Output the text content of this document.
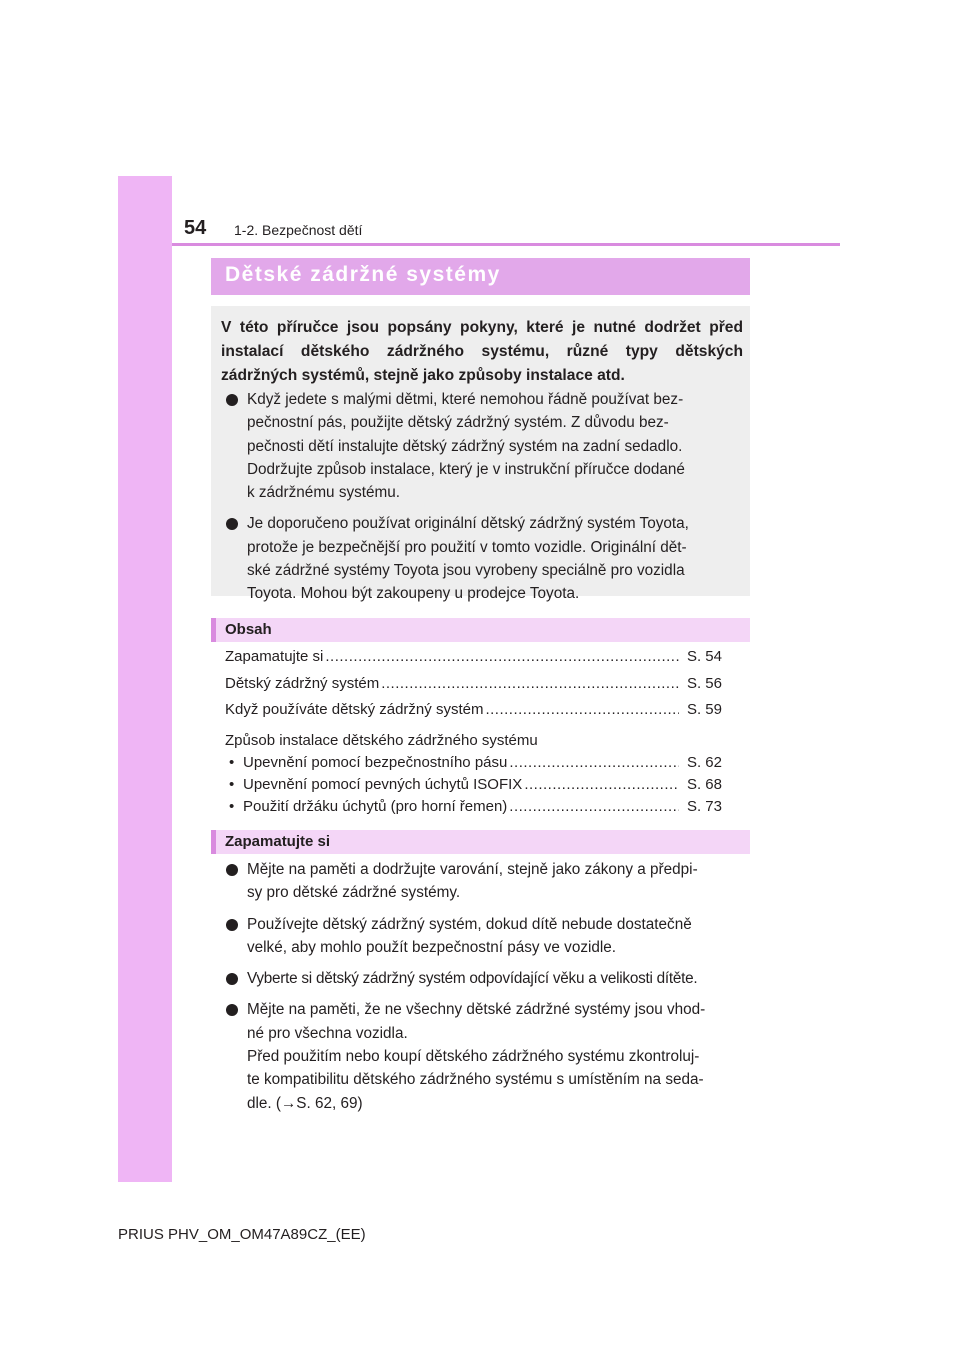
54 1-2. Bezpečnost dětí
Dětské zádržné systémy
V této příručce jsou popsány pokyny, které je nutné dodržet před instalací dětského zádržného systému, různé typy dětských zádržných systémů, stejně jako způsoby instalace atd.
Když jedete s malými dětmi, které nemohou řádně používat bez-
pečnostní pás, použijte dětský zádržný systém. Z důvodu bez-
pečnosti dětí instalujte dětský zádržný systém na zadní sedadlo.
Dodržujte způsob instalace, který je v instrukční příručce dodané
k zádržnému systému.
Je doporučeno používat originální dětský zádržný systém Toyota,
protože je bezpečnější pro použití v tomto vozidle. Originální dět-
ské zádržné systémy Toyota jsou vyrobeny speciálně pro vozidla
Toyota. Mohou být zakoupeny u prodejce Toyota.
Obsah
Zapamatujte si .....	S. 54
Dětský zádržný systém .....	S. 56
Když používáte dětský zádržný systém .....	S. 59
Způsob instalace dětského zádržného systému
• Upevnění pomocí bezpečnostního pásu .....	S. 62
• Upevnění pomocí pevných úchytů ISOFIX .....	S. 68
• Použití držáku úchytů (pro horní řemen) .....	S. 73
Zapamatujte si
Mějte na paměti a dodržujte varování, stejně jako zákony a předpi-
sy pro dětské zádržné systémy.
Používejte dětský zádržný systém, dokud dítě nebude dostatečně
velké, aby mohlo použít bezpečnostní pásy ve vozidle.
Vyberte si dětský zádržný systém odpovídající věku a velikosti dítěte.
Mějte na paměti, že ne všechny dětské zádržné systémy jsou vhod-
né pro všechna vozidla.
Před použitím nebo koupí dětského zádržného systému zkontroluj-
te kompatibilitu dětského zádržného systému s umístěním na seda-
dle. (→S. 62, 69)
PRIUS PHV_OM_OM47A89CZ_(EE)
